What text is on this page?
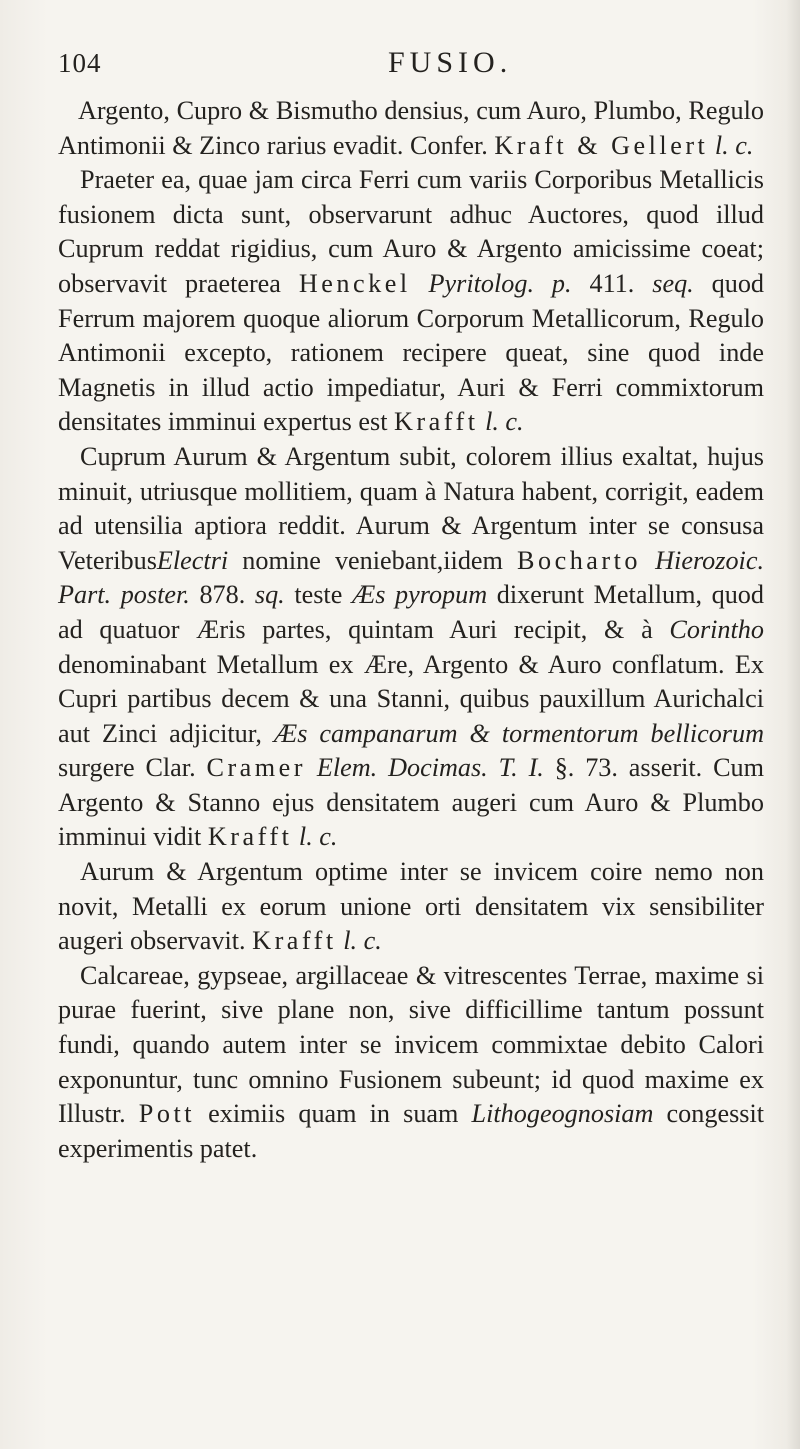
104	FUSIO.

Argento, Cupro & Bismutho densius, cum Auro, Plumbo, Regulo Antimonii & Zinco rarius evadit. Confer. Kraft & Gellert l. c.

Praeter ea, quae jam circa Ferri cum variis Corporibus Metallicis fusionem dicta sunt, observarunt adhuc Auctores, quod illud Cuprum reddat rigidius, cum Auro & Argento amicissime coeat; observavit praeterea Henckel Pyritolog. p. 411. seq. quod Ferrum majorem quoque aliorum Corporum Metallicorum, Regulo Antimonii excepto, rationem recipere queat, sine quod inde Magnetis in illud actio impediatur, Auri & Ferri commixtorum densitates imminui expertus est Krafft l. c.

Cuprum Aurum & Argentum subit, colorem illius exaltat, hujus minuit, utriusque mollitiem, quam à Natura habent, corrigit, eadem ad utensilia aptiora reddit. Aurum & Argentum inter se consusa VeteribusElectri nomine veniebant,iidem Bocharto Hierozoic. Part. poster. 878. sq. teste Æs pyropum dixerunt Metallum, quod ad quatuor Æris partes, quintam Auri recipit, & à Corintho denominabant Metallum ex Ære, Argento & Auro conflatum. Ex Cupri partibus decem & una Stanni, quibus pauxillum Aurichalci aut Zinci adjicitur, Æs campanarum & tormentorum bellicorum surgere Clar. Cramer Elem. Docimas. T. I. §. 73. asserit. Cum Argento & Stanno ejus densitatem augeri cum Auro & Plumbo imminui vidit Krafft l. c.

Aurum & Argentum optime inter se invicem coire nemo non novit, Metalli ex eorum unione orti densitatem vix sensibiliter augeri observavit. Krafft l. c.

Calcareae, gypseae, argillaceae & vitrescentes Terrae, maxime si purae fuerint, sive plane non, sive difficillime tantum possunt fundi, quando autem inter se invicem commixtae debito Calori exponuntur, tunc omnino Fusionem subeunt; id quod maxime ex Illustr. Pott eximiis quam in suam Lithogeognosiam congessit experimentis patet.
